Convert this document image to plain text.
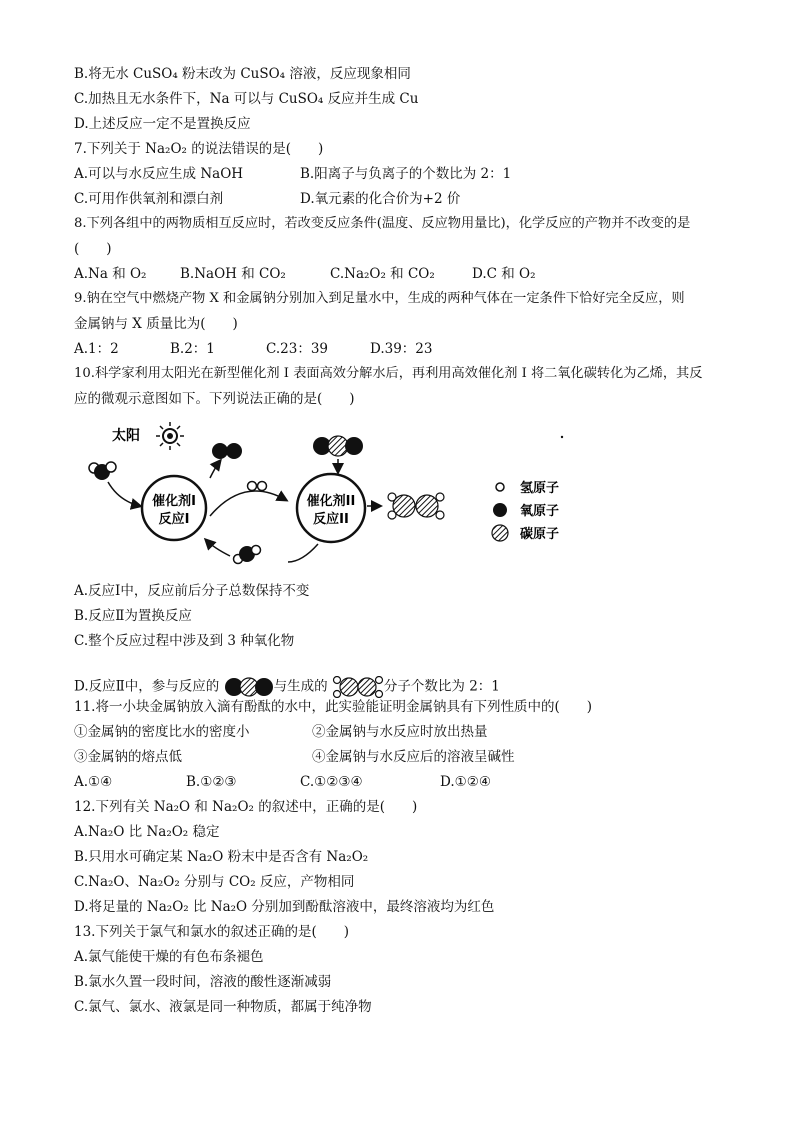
B.将无水 CuSO₄ 粉末改为 CuSO₄ 溶液，反应现象相同
C.加热且无水条件下，Na 可以与 CuSO₄ 反应并生成 Cu
D.上述反应一定不是置换反应
7.下列关于 Na₂O₂ 的说法错误的是(　　)
A.可以与水反应生成 NaOH	B.阳离子与负离子的个数比为 2：1
C.可用作供氧剂和漂白剂	D.氧元素的化合价为+2 价
8.下列各组中的两物质相互反应时，若改变反应条件(温度、反应物用量比)，化学反应的产物并不改变的是
(　　)
A.Na 和 O₂ B.NaOH 和 CO₂	C.Na₂O₂ 和 CO₂	D.C 和 O₂
9.钠在空气中燃烧产物 X 和金属钠分别加入到足量水中，生成的两种气体在一定条件下恰好完全反应，则
金属钠与 X 质量比为(　　)
A.1：2	B.2：1	C.23：39	D.39：23
10.科学家利用太阳光在新型催化剂 I 表面高效分解水后，再利用高效催化剂 I 将二氧化碳转化为乙烯，其反
应的微观示意图如下。下列说法正确的是(　　)
太阳
催化剂I
反应I
催化剂II
反应II
氢原子
氧原子
碳原子
A.反应Ⅰ中，反应前后分子总数保持不变
B.反应Ⅱ为置换反应
C.整个反应过程中涉及到 3 种氧化物
D.反应Ⅱ中，参与反应的	与生成的	分子个数比为 2：1
11.将一小块金属钠放入滴有酚酞的水中，此实验能证明金属钠具有下列性质中的(　　)
①金属钠的密度比水的密度小	②金属钠与水反应时放出热量
③金属钠的熔点低	④金属钠与水反应后的溶液呈碱性
A.①④	B.①②③	C.①②③④	D.①②④
12.下列有关 Na₂O 和 Na₂O₂ 的叙述中，正确的是(　　)
A.Na₂O 比 Na₂O₂ 稳定
B.只用水可确定某 Na₂O 粉末中是否含有 Na₂O₂
C.Na₂O、Na₂O₂ 分别与 CO₂ 反应，产物相同
D.将足量的 Na₂O₂ 比 Na₂O 分别加到酚酞溶液中，最终溶液均为红色
13.下列关于氯气和氯水的叙述正确的是(　　)
A.氯气能使干燥的有色布条褪色
B.氯水久置一段时间，溶液的酸性逐渐减弱
C.氯气、氯水、液氯是同一种物质，都属于纯净物
